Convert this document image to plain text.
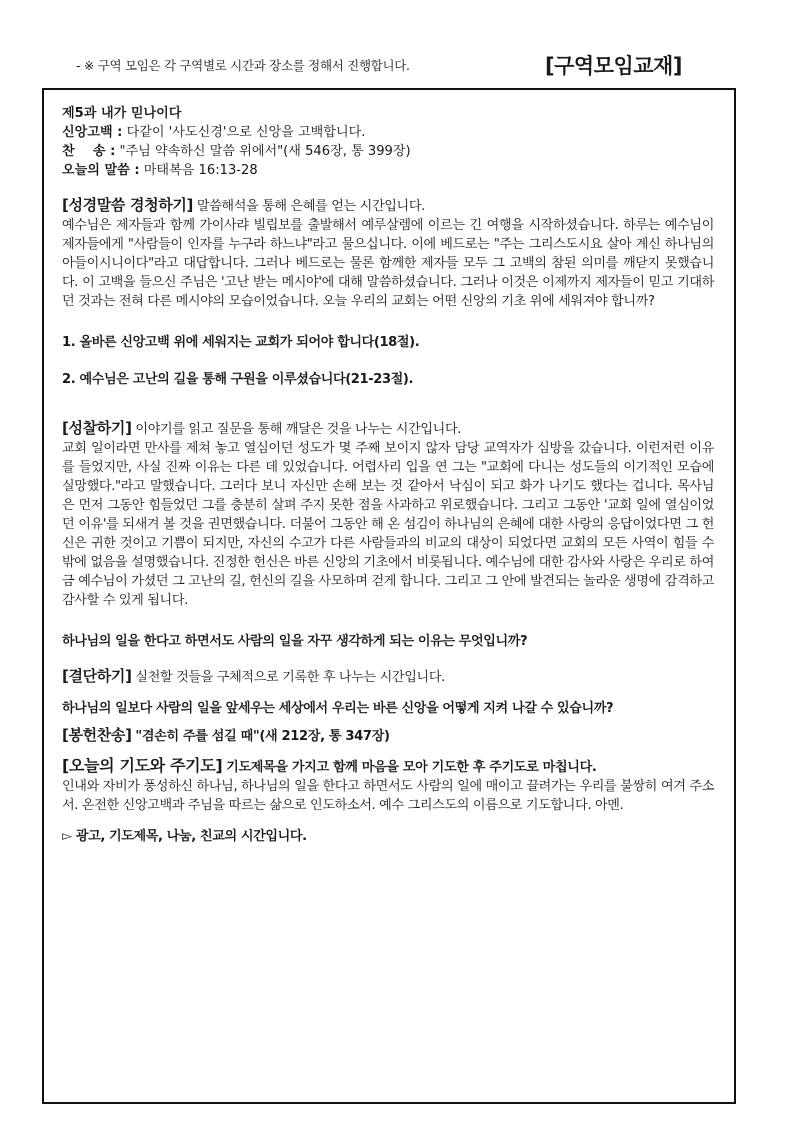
- ※ 구역 모임은 각 구역별로 시간과 장소를 정해서 진행합니다.	[구역모임교재]

제5과 내가 믿나이다

신앙고백 : 다같이 '사도신경'으로 신앙을 고백합니다.

찬    송 : "주님 약속하신 말씀 위에서"(새 546장, 통 399장)

오늘의 말씀 : 마태복음 16:13-28

[성경말씀 경청하기] 말씀해석을 통해 은혜를 얻는 시간입니다.

예수님은 제자들과 함께 가이사랴 빌립보를 출발해서 예루살렘에 이르는 긴 여행을 시작하셨습니다. 하루는 예수님이 제자들에게 "사람들이 인자를 누구라 하느냐"라고 물으십니다. 이에 베드로는 "주는 그리스도시요 살아 계신 하나님의 아들이시니이다"라고 대답합니다. 그러나 베드로는 물론 함께한 제자들 모두 그 고백의 참된 의미를 깨닫지 못했습니다. 이 고백을 들으신 주님은 '고난 받는 메시야'에 대해 말씀하셨습니다. 그러나 이것은 이제까지 제자들이 믿고 기대하던 것과는 전혀 다른 메시야의 모습이었습니다. 오늘 우리의 교회는 어떤 신앙의 기초 위에 세워져야 합니까?

1. 올바른 신앙고백 위에 세워지는 교회가 되어야 합니다(18절).

2. 예수님은 고난의 길을 통해 구원을 이루셨습니다(21-23절).

[성찰하기] 이야기를 읽고 질문을 통해 깨달은 것을 나누는 시간입니다.

교회 일이라면 만사를 제쳐 놓고 열심이던 성도가 몇 주째 보이지 않자 담당 교역자가 심방을 갔습니다. 이런저런 이유를 들었지만, 사실 진짜 이유는 다른 데 있었습니다. 어렵사리 입을 연 그는 "교회에 다니는 성도들의 이기적인 모습에 실망했다."라고 말했습니다. 그러다 보니 자신만 손해 보는 것 같아서 낙심이 되고 화가 나기도 했다는 겁니다. 목사님은 먼저 그동안 힘들었던 그를 충분히 살펴 주지 못한 점을 사과하고 위로했습니다. 그리고 그동안 '교회 일에 열심이었던 이유'를 되새겨 볼 것을 권면했습니다. 더불어 그동안 해 온 섬김이 하나님의 은혜에 대한 사랑의 응답이었다면 그 헌신은 귀한 것이고 기쁨이 되지만, 자신의 수고가 다른 사람들과의 비교의 대상이 되었다면 교회의 모든 사역이 힘들 수밖에 없음을 설명했습니다. 진정한 헌신은 바른 신앙의 기초에서 비롯됩니다. 예수님에 대한 감사와 사랑은 우리로 하여금 예수님이 가셨던 그 고난의 길, 헌신의 길을 사모하며 걷게 합니다. 그리고 그 안에 발견되는 놀라운 생명에 감격하고 감사할 수 있게 됩니다.

하나님의 일을 한다고 하면서도 사람의 일을 자꾸 생각하게 되는 이유는 무엇입니까?

[결단하기] 실천할 것들을 구체적으로 기록한 후 나누는 시간입니다.

하나님의 일보다 사람의 일을 앞세우는 세상에서 우리는 바른 신앙을 어떻게 지켜 나갈 수 있습니까?

[봉헌찬송] "겸손히 주를 섬길 때"(새 212장, 통 347장)

[오늘의 기도와 주기도] 기도제목을 가지고 함께 마음을 모아 기도한 후 주기도로 마칩니다.

인내와 자비가 풍성하신 하나님, 하나님의 일을 한다고 하면서도 사람의 일에 매이고 끌려가는 우리를 불쌍히 여겨 주소서. 온전한 신앙고백과 주님을 따르는 삶으로 인도하소서. 예수 그리스도의 이름으로 기도합니다. 아멘.

▻ 광고, 기도제목, 나눔, 친교의 시간입니다.
